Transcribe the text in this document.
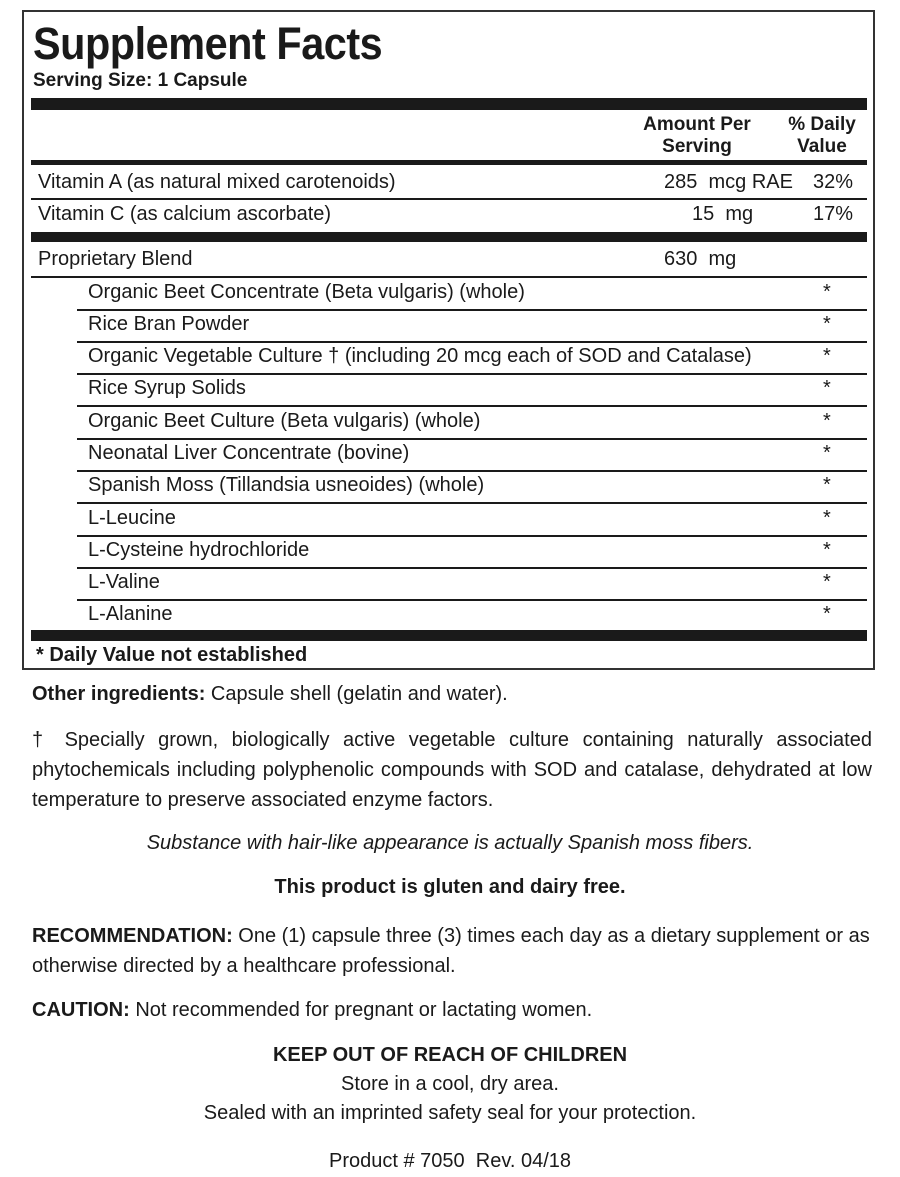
Supplement Facts
Serving Size: 1 Capsule
Amount Per
Serving
% Daily
Value
Vitamin A (as natural mixed carotenoids)	285 mcg RAE 32%
Vitamin C (as calcium ascorbate)	15 mg	17%
Proprietary Blend	630 mg
Organic Beet Concentrate (Beta vulgaris) (whole)	*
Rice Bran Powder	*
Organic Vegetable Culture † (including 20 mcg each of SOD and Catalase)	*
Rice Syrup Solids	*
Organic Beet Culture (Beta vulgaris) (whole)	*
Neonatal Liver Concentrate (bovine)	*
Spanish Moss (Tillandsia usneoides) (whole)	*
L-Leucine	*
L-Cysteine hydrochloride	*
L-Valine	*
L-Alanine	*
* Daily Value not established
Other ingredients: Capsule shell (gelatin and water).
† Specially grown, biologically active vegetable culture containing naturally associated phytochemicals including polyphenolic compounds with SOD and catalase, dehydrated at low temperature to preserve associated enzyme factors.
Substance with hair-like appearance is actually Spanish moss fibers.
This product is gluten and dairy free.
RECOMMENDATION: One (1) capsule three (3) times each day as a dietary supplement or as otherwise directed by a healthcare professional.
CAUTION: Not recommended for pregnant or lactating women.
KEEP OUT OF REACH OF CHILDREN
Store in a cool, dry area.
Sealed with an imprinted safety seal for your protection.
Product # 7050  Rev. 04/18
